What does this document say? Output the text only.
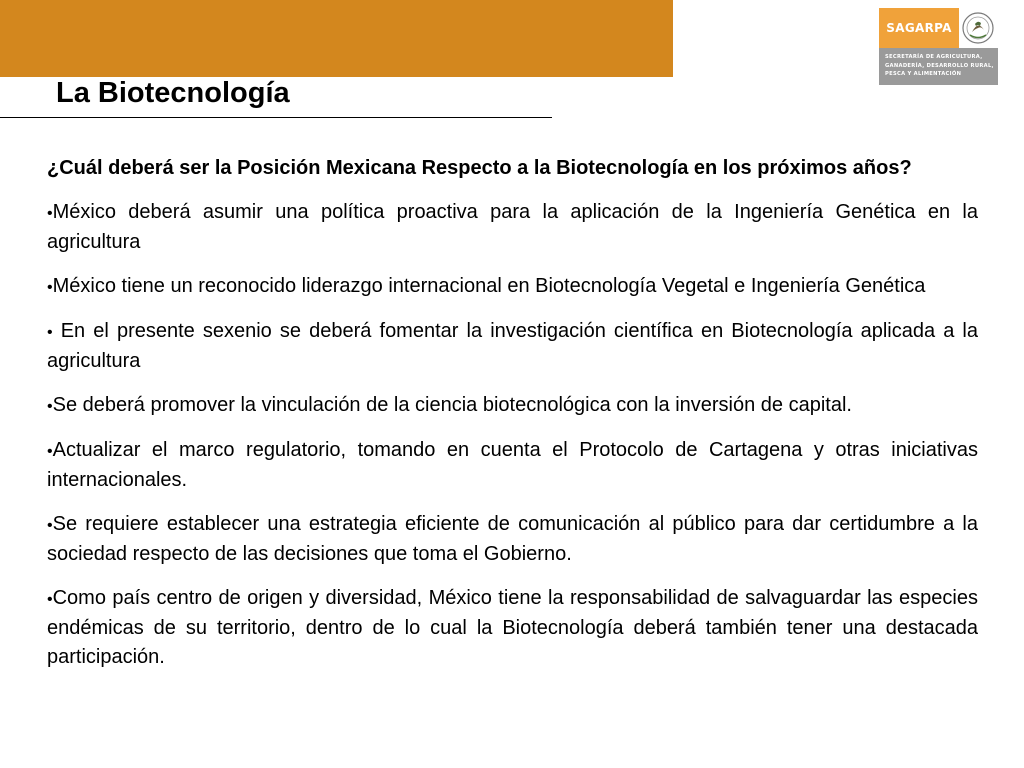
La Biotecnología
SAGARPA
SECRETARÍA DE AGRICULTURA,
GANADERÍA, DESARROLLO RURAL,
PESCA Y ALIMENTACIÓN

¿Cuál deberá ser la Posición Mexicana Respecto a la Biotecnología en los próximos años?

•México deberá asumir una política proactiva para la aplicación de la Ingeniería Genética en la agricultura

•México tiene un reconocido liderazgo internacional en Biotecnología Vegetal e Ingeniería Genética

• En el presente sexenio se deberá fomentar la investigación científica en Biotecnología aplicada a la agricultura

•Se deberá promover la vinculación de la ciencia biotecnológica con la inversión de capital.

•Actualizar el marco regulatorio, tomando en cuenta el Protocolo de Cartagena y otras iniciativas internacionales.

•Se requiere establecer una estrategia eficiente de comunicación al público para dar certidumbre a la sociedad respecto de las decisiones que toma el Gobierno.

•Como país centro de origen y diversidad, México tiene la responsabilidad de salvaguardar las especies endémicas de su territorio, dentro de lo cual la Biotecnología deberá también tener una destacada participación.
